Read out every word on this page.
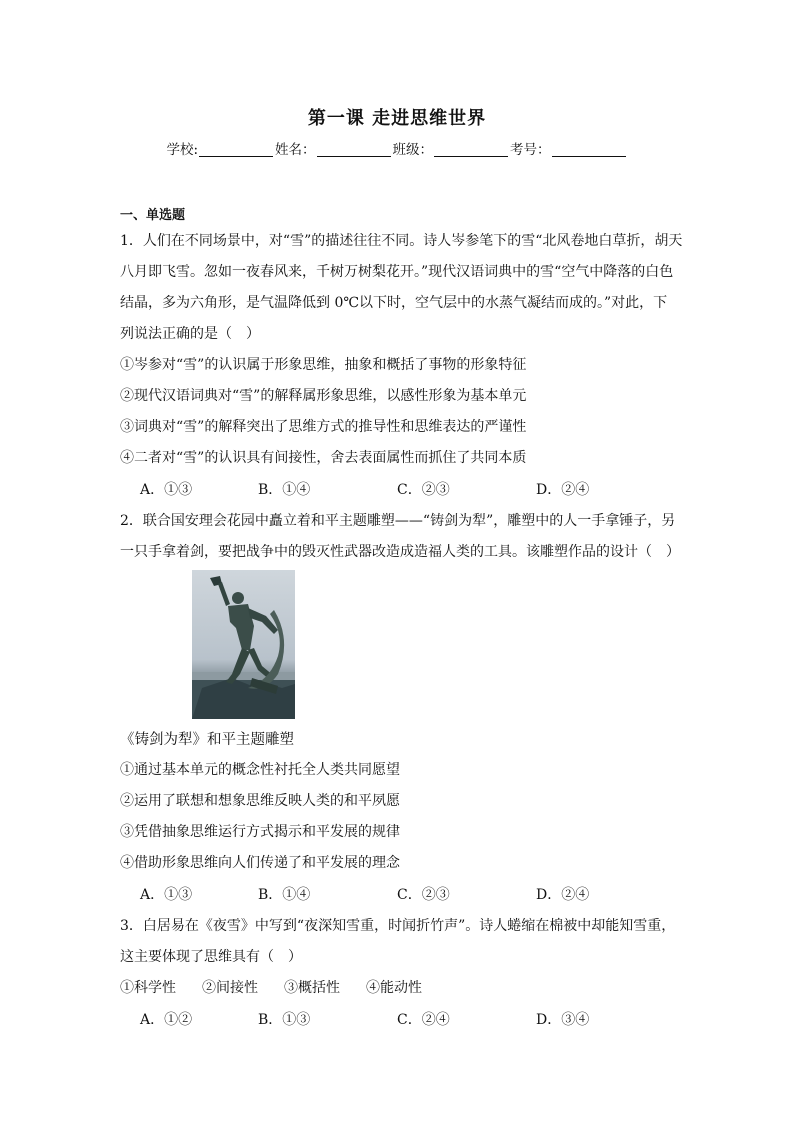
第一课 走进思维世界
学校:	姓名：	班级：	考号：
一、单选题
1．人们在不同场景中，对“雪”的描述往往不同。诗人岑参笔下的雪“北风卷地白草折，胡天
八月即飞雪。忽如一夜春风来，千树万树梨花开。”现代汉语词典中的雪“空气中降落的白色
结晶，多为六角形，是气温降低到 0℃以下时，空气层中的水蒸气凝结而成的。”对此，下
列说法正确的是（　）
①岑参对“雪”的认识属于形象思维，抽象和概括了事物的形象特征
②现代汉语词典对“雪”的解释属形象思维，以感性形象为基本单元
③词典对“雪”的解释突出了思维方式的推导性和思维表达的严谨性
④二者对“雪”的认识具有间接性，舍去表面属性而抓住了共同本质
A．①③	B．①④	C．②③	D．②④
2．联合国安理会花园中矗立着和平主题雕塑——“铸剑为犁”，雕塑中的人一手拿锤子，另
一只手拿着剑，要把战争中的毁灭性武器改造成造福人类的工具。该雕塑作品的设计（　）
《铸剑为犁》和平主题雕塑
①通过基本单元的概念性衬托全人类共同愿望
②运用了联想和想象思维反映人类的和平夙愿
③凭借抽象思维运行方式揭示和平发展的规律
④借助形象思维向人们传递了和平发展的理念
A．①③	B．①④	C．②③	D．②④
3．白居易在《夜雪》中写到“夜深知雪重，时闻折竹声”。诗人蜷缩在棉被中却能知雪重，
这主要体现了思维具有（　）
①科学性 ②间接性 ③概括性 ④能动性
A．①②	B．①③	C．②④	D．③④
